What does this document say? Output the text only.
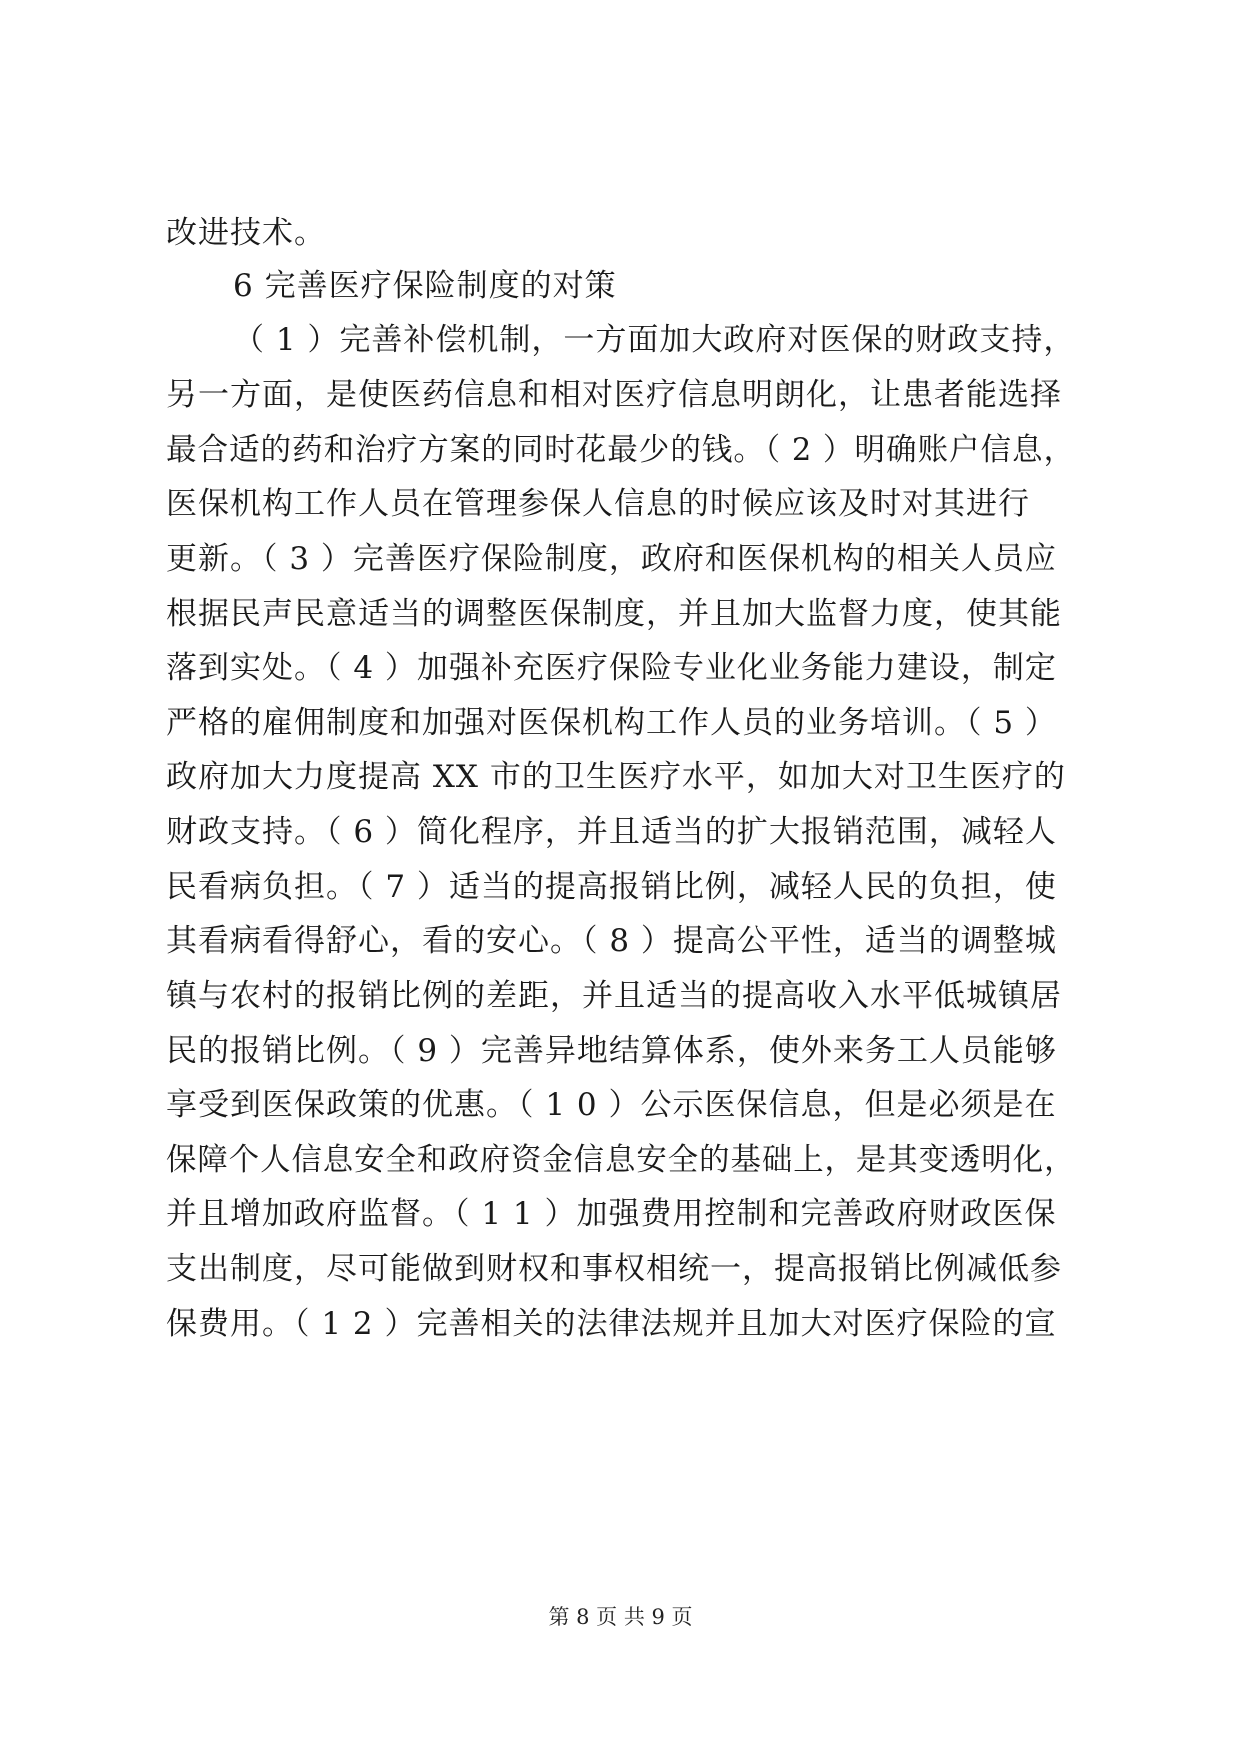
改进技术。
6 完善医疗保险制度的对策
（ 1 ）完善补偿机制，一方面加大政府对医保的财政支持，
另一方面，是使医药信息和相对医疗信息明朗化，让患者能选择
最合适的药和治疗方案的同时花最少的钱。（ 2 ）明确账户信息，
医保机构工作人员在管理参保人信息的时候应该及时对其进行
更新。（ 3 ）完善医疗保险制度，政府和医保机构的相关人员应
根据民声民意适当的调整医保制度，并且加大监督力度，使其能
落到实处。（ 4 ）加强补充医疗保险专业化业务能力建设，制定
严格的雇佣制度和加强对医保机构工作人员的业务培训。（ 5 ）
政府加大力度提高 XX 市的卫生医疗水平，如加大对卫生医疗的
财政支持。（ 6 ）简化程序，并且适当的扩大报销范围，减轻人
民看病负担。（ 7 ）适当的提高报销比例，减轻人民的负担，使
其看病看得舒心，看的安心。（ 8 ）提高公平性，适当的调整城
镇与农村的报销比例的差距，并且适当的提高收入水平低城镇居
民的报销比例。（ 9 ）完善异地结算体系，使外来务工人员能够
享受到医保政策的优惠。（ 1 0 ）公示医保信息，但是必须是在
保障个人信息安全和政府资金信息安全的基础上，是其变透明化，
并且增加政府监督。（ 1 1 ）加强费用控制和完善政府财政医保
支出制度，尽可能做到财权和事权相统一，提高报销比例减低参
保费用。（ 1 2 ）完善相关的法律法规并且加大对医疗保险的宣
第 8 页 共 9 页
